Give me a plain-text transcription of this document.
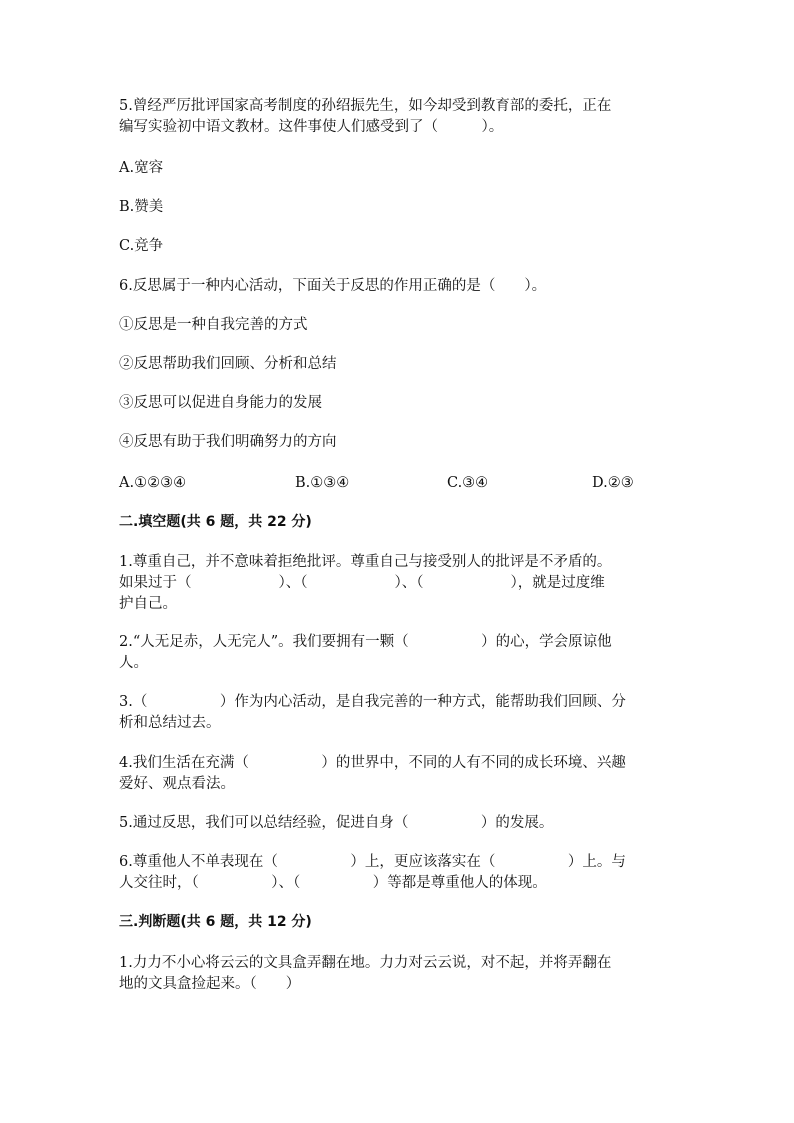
5.曾经严厉批评国家高考制度的孙绍振先生，如今却受到教育部的委托，正在
编写实验初中语文教材。这件事使人们感受到了（　　　）。
A.宽容
B.赞美
C.竞争
6.反思属于一种内心活动，下面关于反思的作用正确的是（　　）。
①反思是一种自我完善的方式
②反思帮助我们回顾、分析和总结
③反思可以促进自身能力的发展
④反思有助于我们明确努力的方向
A.①②③④	B.①③④	C.③④	D.②③
二.填空题(共 6 题，共 22 分)
1.尊重自己，并不意味着拒绝批评。尊重自己与接受别人的批评是不矛盾的。
如果过于（　　　　　　）、（　　　　　　）、（　　　　　　），就是过度维
护自己。
2.“人无足赤，人无完人”。我们要拥有一颗（　　　　　）的心，学会原谅他
人。
3.（　　　　　）作为内心活动，是自我完善的一种方式，能帮助我们回顾、分
析和总结过去。
4.我们生活在充满（　　　　　）的世界中，不同的人有不同的成长环境、兴趣
爱好、观点看法。
5.通过反思，我们可以总结经验，促进自身（　　　　　）的发展。
6.尊重他人不单表现在（　　　　　）上，更应该落实在（　　　　　）上。与
人交往时，（　　　　　）、（　　　　　）等都是尊重他人的体现。
三.判断题(共 6 题，共 12 分)
1.力力不小心将云云的文具盒弄翻在地。力力对云云说，对不起，并将弄翻在
地的文具盒捡起来。（　　）
